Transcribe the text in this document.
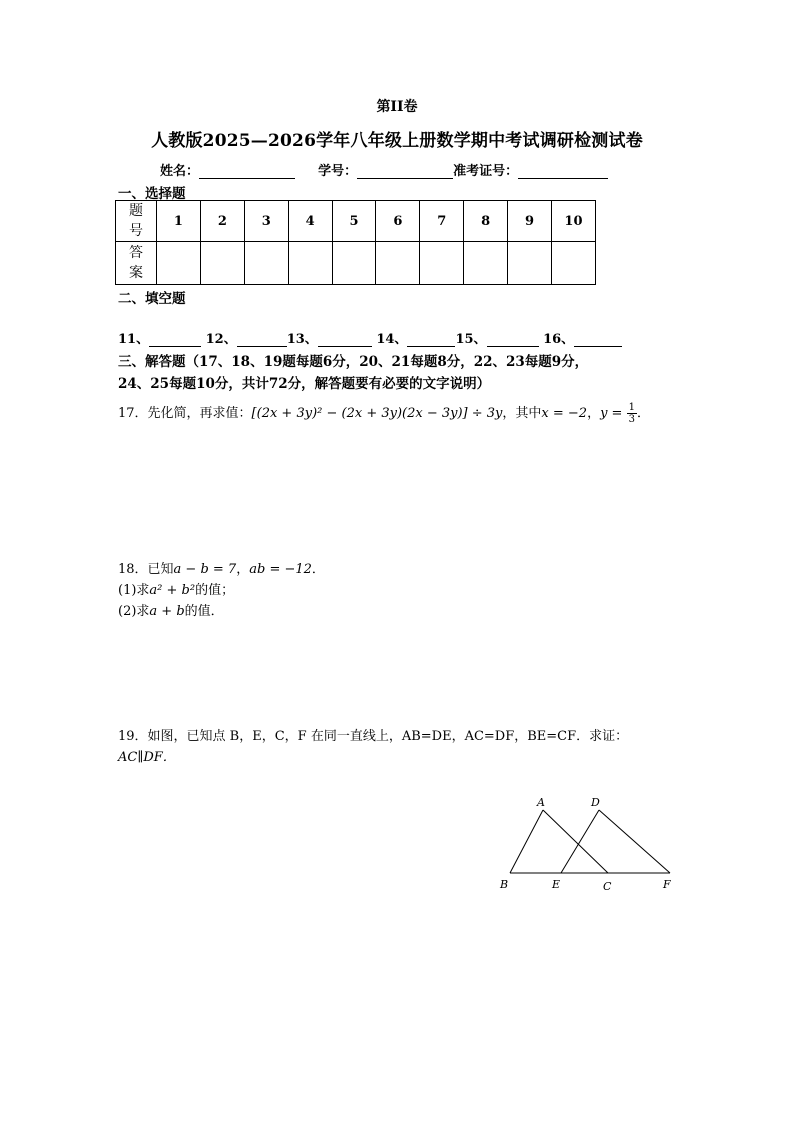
第II卷
人教版2025—2026学年八年级上册数学期中考试调研检测试卷
姓名：	学号：	准考证号：
一、选择题
题
号	1	2	3	4	5	6	7	8	9	10
答
案										
二、填空题
11、	12、	13、	14、	15、	16、
三、解答题（17、18、19题每题6分，20、21每题8分，22、23每题9分，
24、25每题10分，共计72分，解答题要有必要的文字说明）
17．先化简，再求值：[(2x + 3y)² − (2x + 3y)(2x − 3y)] ÷ 3y，其中x = −2，$y = \frac{1}{3}$ ．
18．已知a − b = 7，ab = −12．
(1)求a² + b²的值；
(2)求a + b的值．
19．如图，已知点 B，E，C，F 在同一直线上，AB=DE，AC=DF，BE=CF．求证：
AC∥DF．
A
B	C
D
E	F
